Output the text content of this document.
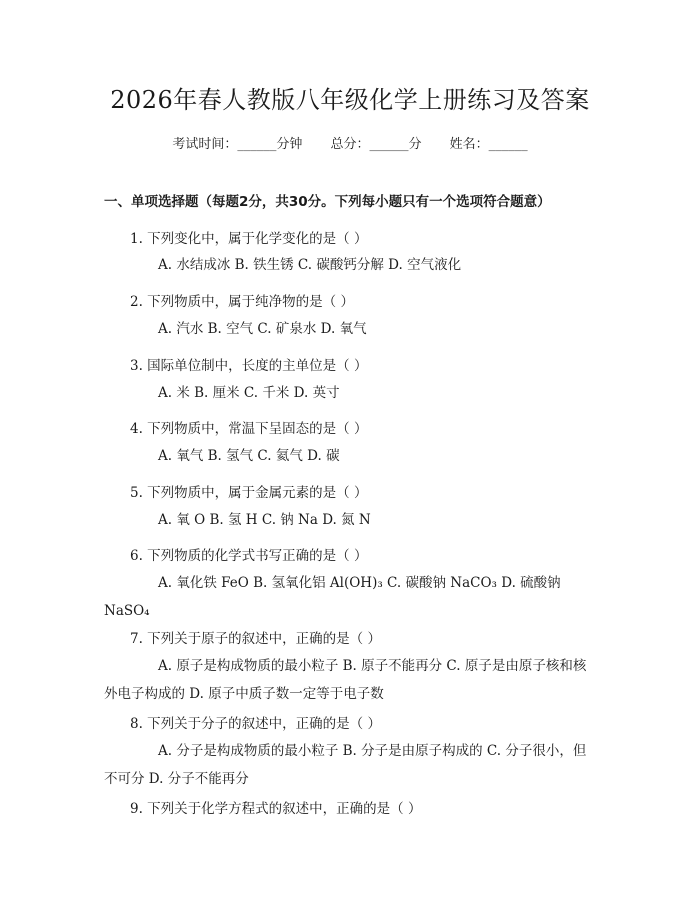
2026年春人教版八年级化学上册练习及答案
考试时间：______分钟 总分：______分 姓名：______
一、单项选择题（每题2分，共30分。下列每小题只有一个选项符合题意）
1. 下列变化中，属于化学变化的是（ ）
A. 水结成冰 B. 铁生锈 C. 碳酸钙分解 D. 空气液化
2. 下列物质中，属于纯净物的是（ ）
A. 汽水 B. 空气 C. 矿泉水 D. 氧气
3. 国际单位制中，长度的主单位是（ ）
A. 米 B. 厘米 C. 千米 D. 英寸
4. 下列物质中，常温下呈固态的是（ ）
A. 氧气 B. 氢气 C. 氦气 D. 碳
5. 下列物质中，属于金属元素的是（ ）
A. 氧 O B. 氢 H C. 钠 Na D. 氮 N
6. 下列物质的化学式书写正确的是（ ）
A. 氧化铁 FeO B. 氢氧化铝 Al(OH)₃ C. 碳酸钠 NaCO₃ D. 硫酸钠 NaSO₄
7. 下列关于原子的叙述中，正确的是（ ）
A. 原子是构成物质的最小粒子 B. 原子不能再分 C. 原子是由原子核和核外电子构成的 D. 原子中质子数一定等于电子数
8. 下列关于分子的叙述中，正确的是（ ）
A. 分子是构成物质的最小粒子 B. 分子是由原子构成的 C. 分子很小，但不可分 D. 分子不能再分
9. 下列关于化学方程式的叙述中，正确的是（ ）
